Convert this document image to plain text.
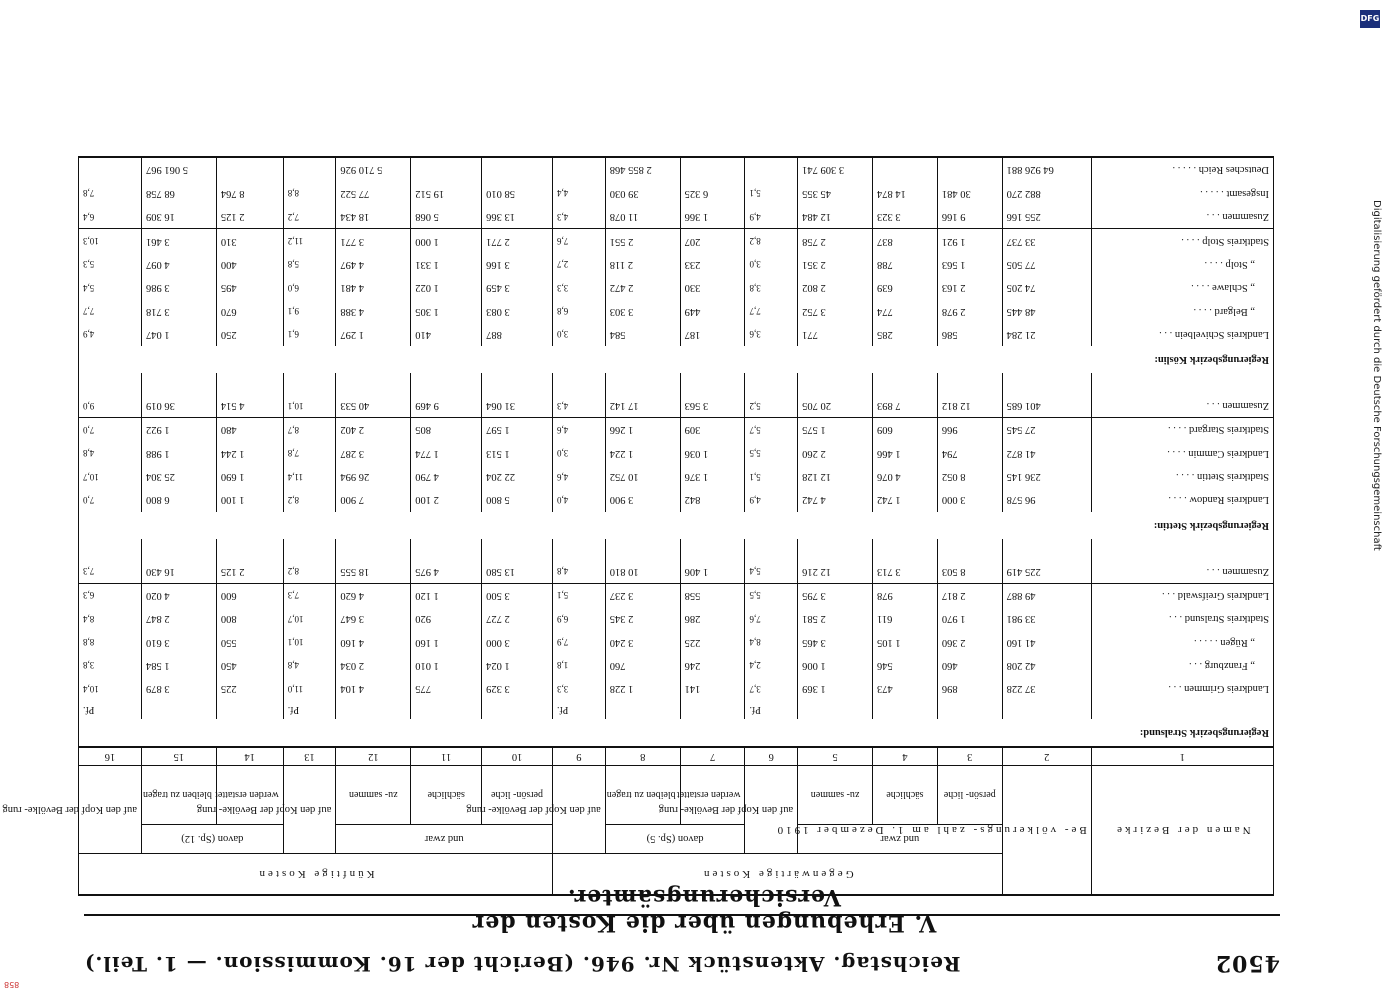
4502
Reichstag. Aktenstück Nr. 946. (Bericht der 16. Kommission. — 1. Teil.)
V. Erhebungen über die Kosten der Versicherungsämter.
Namen der Bezirke	Be- völkerungs- zahl am 1. Dezember 1910	Gegenwärtige Kosten							Künftige Kosten						
		und zwar			auf den Kopf der Bevölke- rung	davon (Sp. 5)		auf den Kopf der Bevölke- rung	und zwar			auf den Kopf der Bevölke- rung	davon (Sp. 12)		auf den Kopf der Bevölke- rung
		persön- liche	sächliche	zu- sammen		werden erstattet	bleiben zu tragen		persön- liche	sächliche	zu- sammen		werden erstattet	bleiben zu tragen	
1	2	3	4	5	6	7	8	9	10	11	12	13	14	15	16
Regierungsbezirk Stralsund:															
					Pf.			Pf.				Pf.			Pf.
Landkreis Grimmen . . .	37 228	896	473	1 369	3,7	141	1 228	3,3	3 329	775	4 104	11,0	225	3 879	10,4
„ Franzburg . . .	42 208	460	546	1 006	2,4	246	760	1,8	1 024	1 010	2 034	4,8	450	1 584	3,8
„ Rügen . . . . .	41 160	2 360	1 105	3 465	8,4	225	3 240	7,9	3 000	1 160	4 160	10,1	550	3 610	8,8
Stadtkreis Stralsund . . .	33 981	1 970	611	2 581	7,6	286	2 345	6,9	2 727	920	3 647	10,7	800	2 847	8,4
Landkreis Greifswald . . .	49 887	2 817	978	3 795	5,5	558	3 237	5,1	3 500	1 120	4 620	7,3	600	4 020	6,3
Zusammen . . .	225 419	8 503	3 713	12 216	5,4	1 406	10 810	4,8	13 580	4 975	18 555	8,2	2 125	16 430	7,3

Regierungsbezirk Stettin:															
Landkreis Randow . . . .	96 578	3 000	1 742	4 742	4,9	842	3 900	4,0	5 800	2 100	7 900	8,2	1 100	6 800	7,0
Stadtkreis Stettin . . . .	236 145	8 052	4 076	12 128	5,1	1 376	10 752	4,6	22 204	4 790	26 994	11,4	1 690	25 304	10,7
Landkreis Cammin . . . .	41 872	794	1 466	2 260	5,5	1 036	1 224	3,0	1 513	1 774	3 287	7,8	1 244	1 988	4,8
Stadtkreis Stargard . . . .	27 545	966	609	1 575	5,7	309	1 266	4,6	1 597	805	2 402	8,7	480	1 922	7,0
Zusammen . . .	401 685	12 812	7 893	20 705	5,2	3 563	17 142	4,3	31 064	9 469	40 533	10,1	4 514	36 019	9,0

Regierungsbezirk Köslin:															
Landkreis Schivelbein . . .	21 284	586	285	771	3,6	187	584	3,0	887	410	1 297	6,1	250	1 047	4,9
„ Belgard . . . .	48 445	2 978	774	3 752	7,7	449	3 303	6,8	3 083	1 305	4 388	9,1	670	3 718	7,7
„ Schlawe . . . .	74 205	2 163	639	2 802	3,8	330	2 472	3,3	3 459	1 022	4 481	6,0	495	3 986	5,4
„ Stolp . . . .	77 505	1 563	788	2 351	3,0	233	2 118	2,7	3 166	1 331	4 497	5,8	400	4 097	5,3
Stadtkreis Stolp . . . .	33 737	1 921	837	2 758	8,2	207	2 551	7,6	2 771	1 000	3 771	11,2	310	3 461	10,3
Zusammen . . .	255 166	9 166	3 323	12 484	4,9	1 366	11 078	4,3	13 366	5 068	18 434	7,2	2 125	16 309	6,4
Insgesamt . . . . .	882 270	30 481	14 874	45 355	5,1	6 325	39 030	4,4	58 010	19 512	77 522	8,8	8 764	68 758	7,8
Deutsches Reich . . . . .	64 926 881			3 309 741			2 855 468				5 710 926			5 061 967	
Digitalisierung gefördert durch die Deutsche Forschungsgemeinschaft
DFG
858
